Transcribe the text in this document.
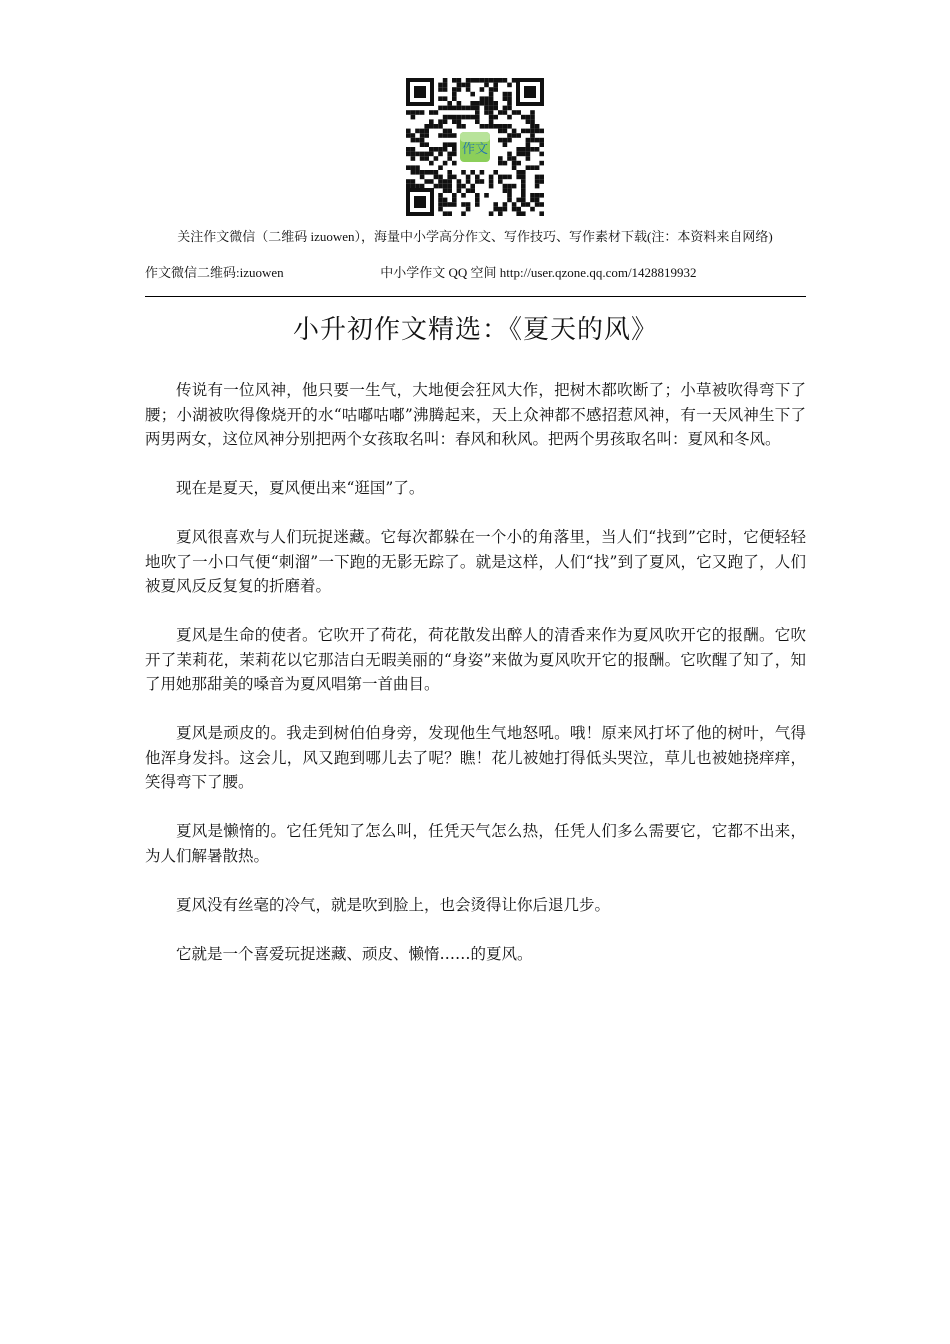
作文
关注作文微信（二维码 izuowen），海量中小学高分作文、写作技巧、写作素材下载(注：本资料来自网络)
作文微信二维码:izuowen	中小学作文 QQ 空间 http://user.qzone.qq.com/1428819932
小升初作文精选：《夏天的风》

传说有一位风神，他只要一生气，大地便会狂风大作，把树木都吹断了；小草被吹得弯下了腰；小湖被吹得像烧开的水“咕嘟咕嘟”沸腾起来，天上众神都不感招惹风神，有一天风神生下了两男两女，这位风神分别把两个女孩取名叫：春风和秋风。把两个男孩取名叫：夏风和冬风。

现在是夏天，夏风便出来“逛国”了。

夏风很喜欢与人们玩捉迷藏。它每次都躲在一个小的角落里，当人们“找到”它时，它便轻轻地吹了一小口气便“刺溜”一下跑的无影无踪了。就是这样，人们“找”到了夏风，它又跑了，人们被夏风反反复复的折磨着。

夏风是生命的使者。它吹开了荷花，荷花散发出醉人的清香来作为夏风吹开它的报酬。它吹开了茉莉花，茉莉花以它那洁白无暇美丽的“身姿”来做为夏风吹开它的报酬。它吹醒了知了，知了用她那甜美的嗓音为夏风唱第一首曲目。

夏风是顽皮的。我走到树伯伯身旁，发现他生气地怒吼。哦！原来风打坏了他的树叶，气得他浑身发抖。这会儿，风又跑到哪儿去了呢？瞧！花儿被她打得低头哭泣，草儿也被她挠痒痒，笑得弯下了腰。

夏风是懒惰的。它任凭知了怎么叫，任凭天气怎么热，任凭人们多么需要它，它都不出来，为人们解暑散热。

夏风没有丝毫的冷气，就是吹到脸上，也会烫得让你后退几步。

它就是一个喜爱玩捉迷藏、顽皮、懒惰……的夏风。
